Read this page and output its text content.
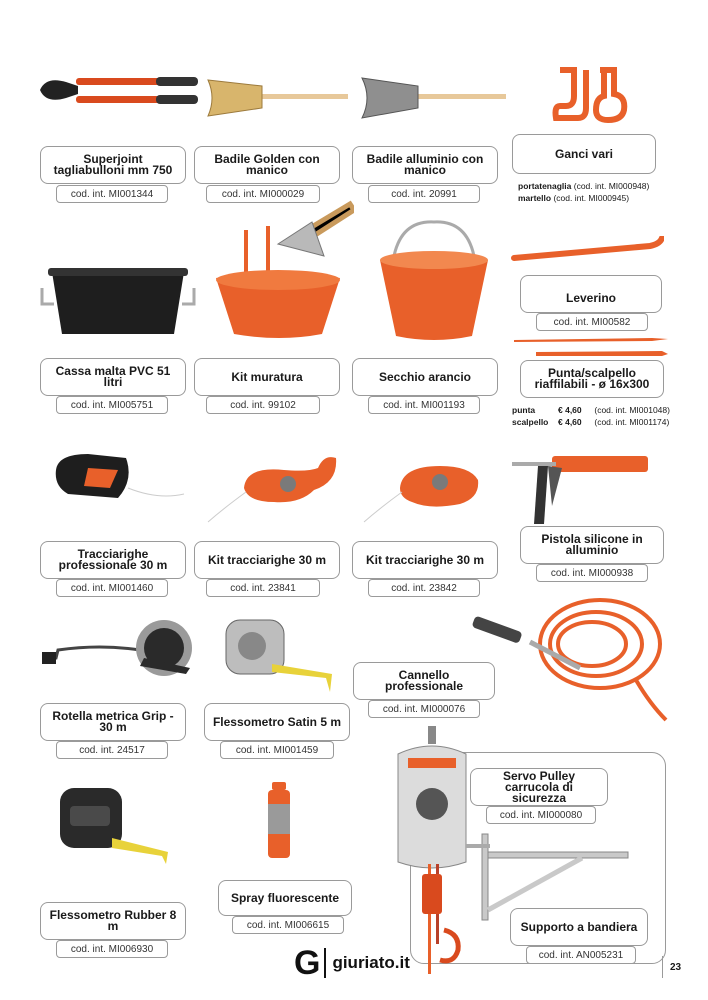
Superjoint tagliabulloni mm 750
cod. int. MI001344
Badile Golden con manico
cod. int. MI000029
Badile alluminio con manico
cod. int. 20991
Ganci vari
portatenaglia (cod. int. MI000948)
martello (cod. int. MI000945)
Cassa malta PVC 51 litri
cod. int. MI005751
Kit muratura
cod. int. 99102
Secchio arancio
cod. int. MI001193
Leverino
cod. int. MI00582
Punta/scalpello riaffilabili - ø 16x300
punta	€ 4,60 (cod. int. MI001048)
scalpello € 4,60 (cod. int. MI001174)
Tracciarighe professionale 30 m
cod. int. MI001460
Kit tracciarighe 30 m
cod. int. 23841
Kit tracciarighe 30 m
cod. int. 23842
Pistola silicone in alluminio
cod. int. MI000938
Cannello professionale
cod. int. MI000076
Rotella metrica Grip - 30 m
cod. int. 24517
Flessometro Satin 5 m
cod. int. MI001459
Servo Pulley carrucola di sicurezza
cod. int. MI000080
Spray fluorescente
cod. int. MI006615
Flessometro Rubber 8 m
cod. int. MI006930
Supporto a bandiera
cod. int. AN005231
G giuriato.it	23
